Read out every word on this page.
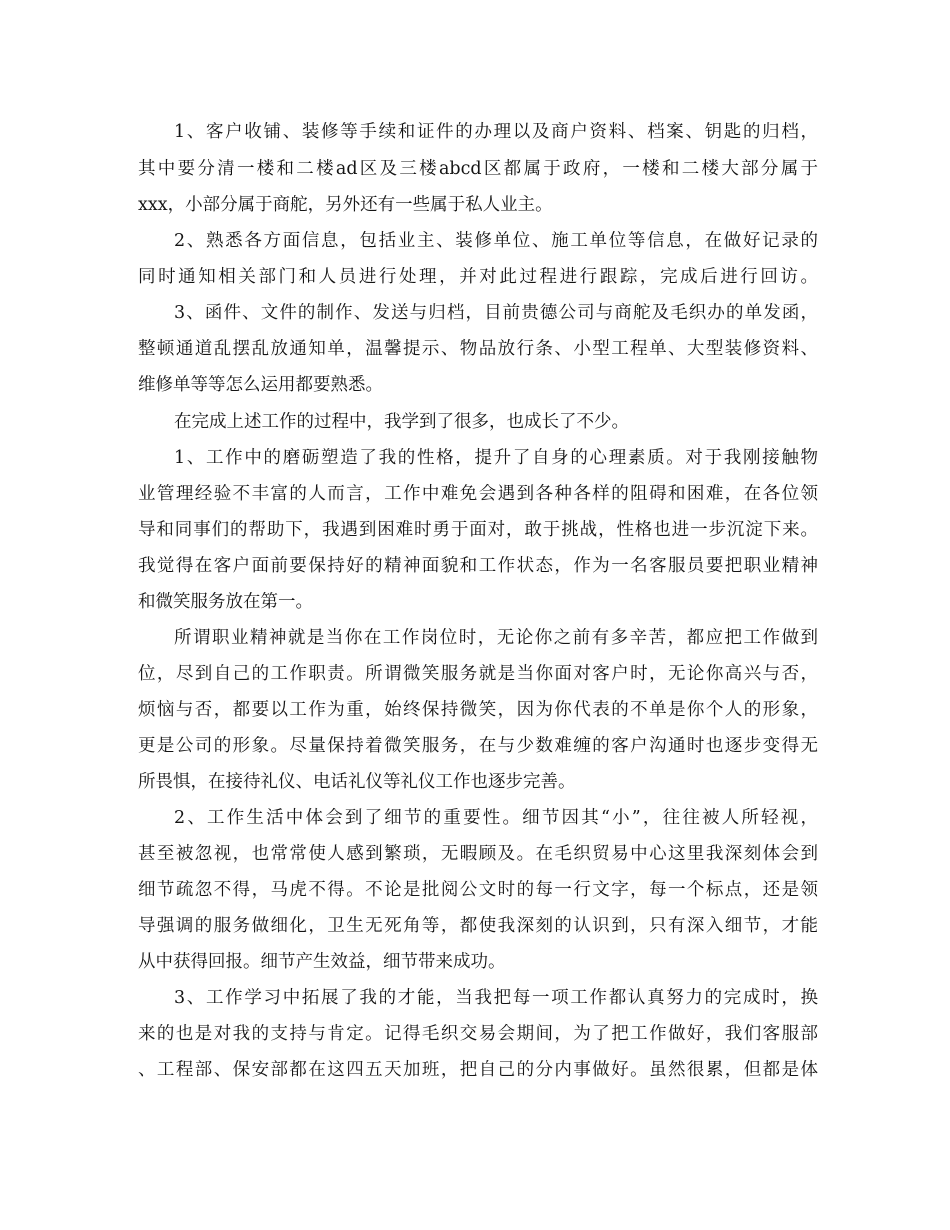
1、客户收铺、装修等手续和证件的办理以及商户资料、档案、钥匙的归档，
其中要分清一楼和二楼ad区及三楼abcd区都属于政府，一楼和二楼大部分属于
xxx，小部分属于商舵，另外还有一些属于私人业主。
2、熟悉各方面信息，包括业主、装修单位、施工单位等信息，在做好记录的
同时通知相关部门和人员进行处理，并对此过程进行跟踪，完成后进行回访。
3、函件、文件的制作、发送与归档，目前贵德公司与商舵及毛织办的单发函，
整顿通道乱摆乱放通知单，温馨提示、物品放行条、小型工程单、大型装修资料、
维修单等等怎么运用都要熟悉。
在完成上述工作的过程中，我学到了很多，也成长了不少。
1、工作中的磨砺塑造了我的性格，提升了自身的心理素质。对于我刚接触物
业管理经验不丰富的人而言，工作中难免会遇到各种各样的阻碍和困难，在各位领
导和同事们的帮助下，我遇到困难时勇于面对，敢于挑战，性格也进一步沉淀下来。
我觉得在客户面前要保持好的精神面貌和工作状态，作为一名客服员要把职业精神
和微笑服务放在第一。
所谓职业精神就是当你在工作岗位时，无论你之前有多辛苦，都应把工作做到
位，尽到自己的工作职责。所谓微笑服务就是当你面对客户时，无论你高兴与否，
烦恼与否，都要以工作为重，始终保持微笑，因为你代表的不单是你个人的形象，
更是公司的形象。尽量保持着微笑服务，在与少数难缠的客户沟通时也逐步变得无
所畏惧，在接待礼仪、电话礼仪等礼仪工作也逐步完善。
2、工作生活中体会到了细节的重要性。细节因其“小”，往往被人所轻视，
甚至被忽视，也常常使人感到繁琐，无暇顾及。在毛织贸易中心这里我深刻体会到
细节疏忽不得，马虎不得。不论是批阅公文时的每一行文字，每一个标点，还是领
导强调的服务做细化，卫生无死角等，都使我深刻的认识到，只有深入细节，才能
从中获得回报。细节产生效益，细节带来成功。
3、工作学习中拓展了我的才能，当我把每一项工作都认真努力的完成时，换
来的也是对我的支持与肯定。记得毛织交易会期间，为了把工作做好，我们客服部
、工程部、保安部都在这四五天加班，把自己的分内事做好。虽然很累，但都是体
